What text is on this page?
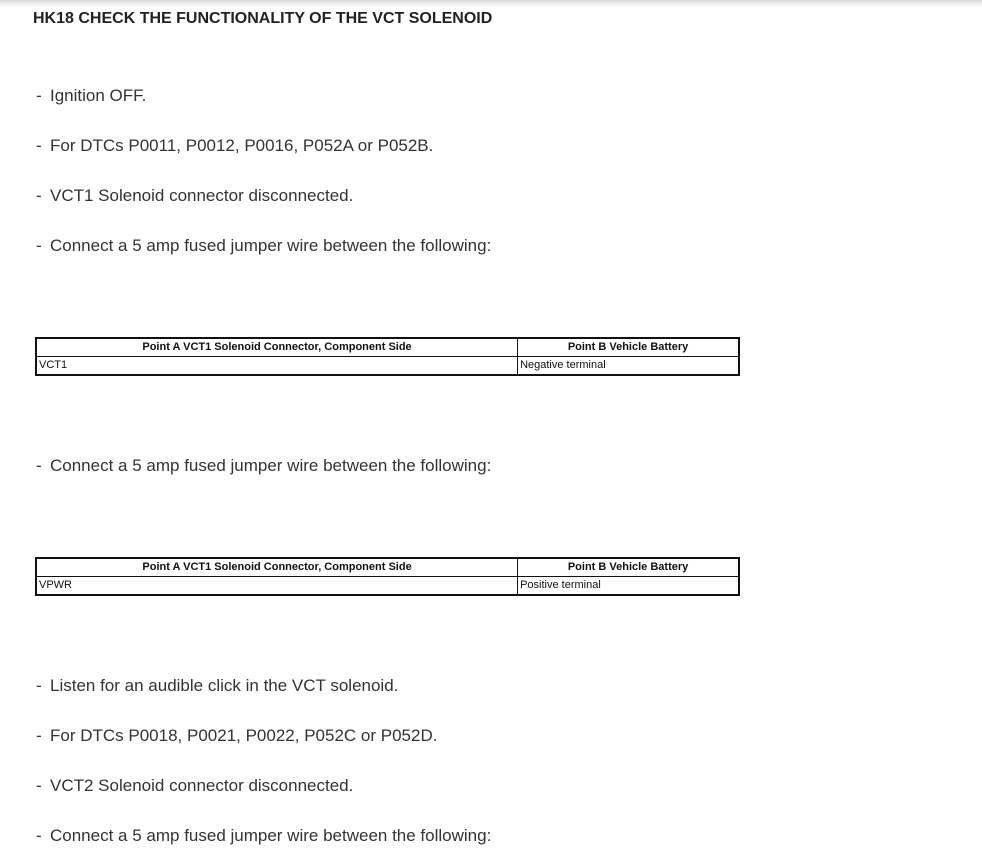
HK18 CHECK THE FUNCTIONALITY OF THE VCT SOLENOID
- Ignition OFF.
- For DTCs P0011, P0012, P0016, P052A or P052B.
- VCT1 Solenoid connector disconnected.
- Connect a 5 amp fused jumper wire between the following:
Point A VCT1 Solenoid Connector, Component Side	Point B Vehicle Battery
VCT1	Negative terminal
- Connect a 5 amp fused jumper wire between the following:
Point A VCT1 Solenoid Connector, Component Side	Point B Vehicle Battery
VPWR	Positive terminal
- Listen for an audible click in the VCT solenoid.
- For DTCs P0018, P0021, P0022, P052C or P052D.
- VCT2 Solenoid connector disconnected.
- Connect a 5 amp fused jumper wire between the following:
